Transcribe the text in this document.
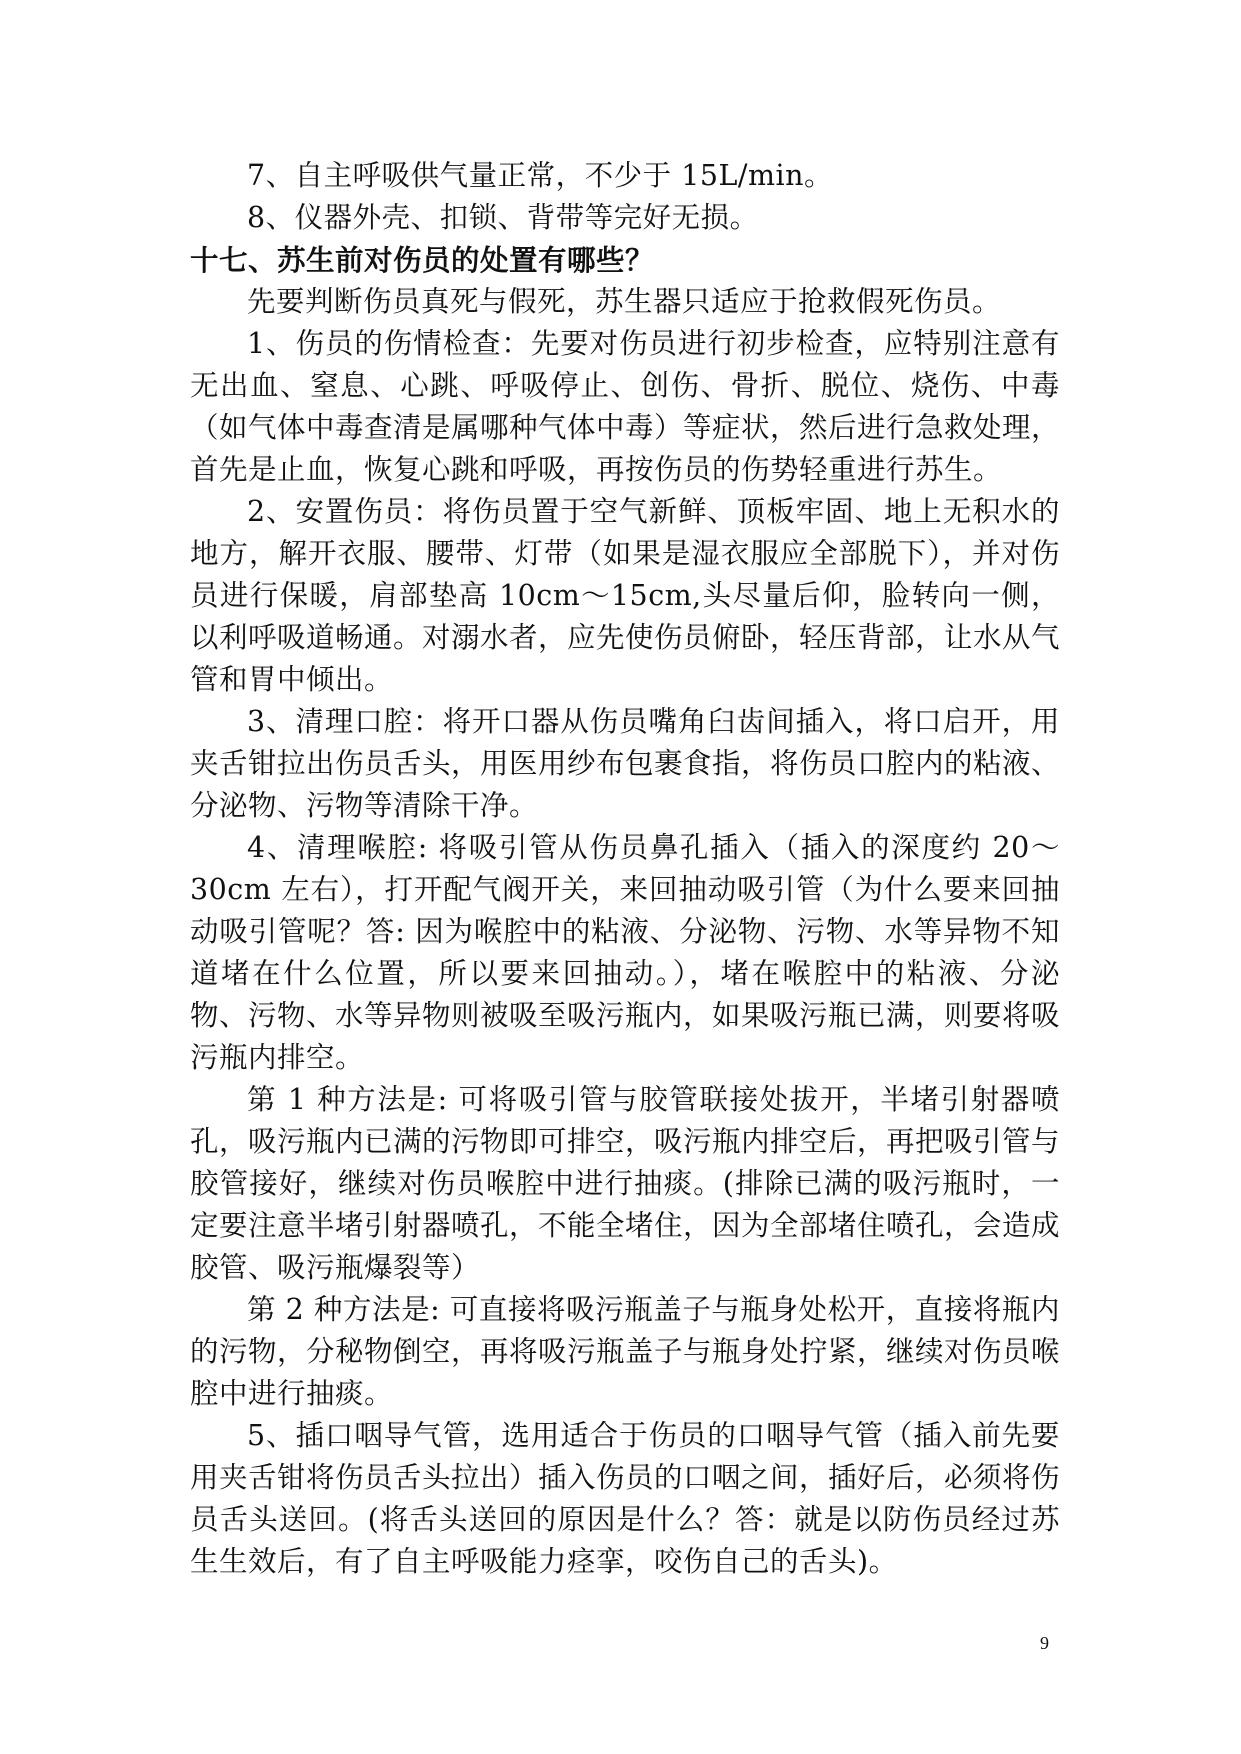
7、自主呼吸供气量正常，不少于 15L/min。

8、仪器外壳、扣锁、背带等完好无损。

十七、苏生前对伤员的处置有哪些？

先要判断伤员真死与假死，苏生器只适应于抢救假死伤员。

1、伤员的伤情检查：先要对伤员进行初步检查，应特别注意有无出血、窒息、心跳、呼吸停止、创伤、骨折、脱位、烧伤、中毒（如气体中毒查清是属哪种气体中毒）等症状，然后进行急救处理，首先是止血，恢复心跳和呼吸，再按伤员的伤势轻重进行苏生。

2、安置伤员：将伤员置于空气新鲜、顶板牢固、地上无积水的地方，解开衣服、腰带、灯带（如果是湿衣服应全部脱下），并对伤员进行保暖，肩部垫高 10cm～15cm,头尽量后仰，脸转向一侧，以利呼吸道畅通。对溺水者，应先使伤员俯卧，轻压背部，让水从气管和胃中倾出。

3、清理口腔：将开口器从伤员嘴角臼齿间插入，将口启开，用夹舌钳拉出伤员舌头，用医用纱布包裹食指，将伤员口腔内的粘液、分泌物、污物等清除干净。

4、清理喉腔: 将吸引管从伤员鼻孔插入（插入的深度约 20～30cm 左右），打开配气阀开关，来回抽动吸引管（为什么要来回抽动吸引管呢？答: 因为喉腔中的粘液、分泌物、污物、水等异物不知道堵在什么位置，所以要来回抽动。），堵在喉腔中的粘液、分泌物、污物、水等异物则被吸至吸污瓶内，如果吸污瓶已满，则要将吸污瓶内排空。

第 1 种方法是: 可将吸引管与胶管联接处拔开，半堵引射器喷孔，吸污瓶内已满的污物即可排空，吸污瓶内排空后，再把吸引管与胶管接好，继续对伤员喉腔中进行抽痰。(排除已满的吸污瓶时，一定要注意半堵引射器喷孔，不能全堵住，因为全部堵住喷孔，会造成胶管、吸污瓶爆裂等）

第 2 种方法是: 可直接将吸污瓶盖子与瓶身处松开，直接将瓶内的污物，分秘物倒空，再将吸污瓶盖子与瓶身处拧紧，继续对伤员喉腔中进行抽痰。

5、插口咽导气管，选用适合于伤员的口咽导气管（插入前先要用夹舌钳将伤员舌头拉出）插入伤员的口咽之间，插好后，必须将伤员舌头送回。(将舌头送回的原因是什么？答：就是以防伤员经过苏生生效后，有了自主呼吸能力痉挛，咬伤自己的舌头)。

9
